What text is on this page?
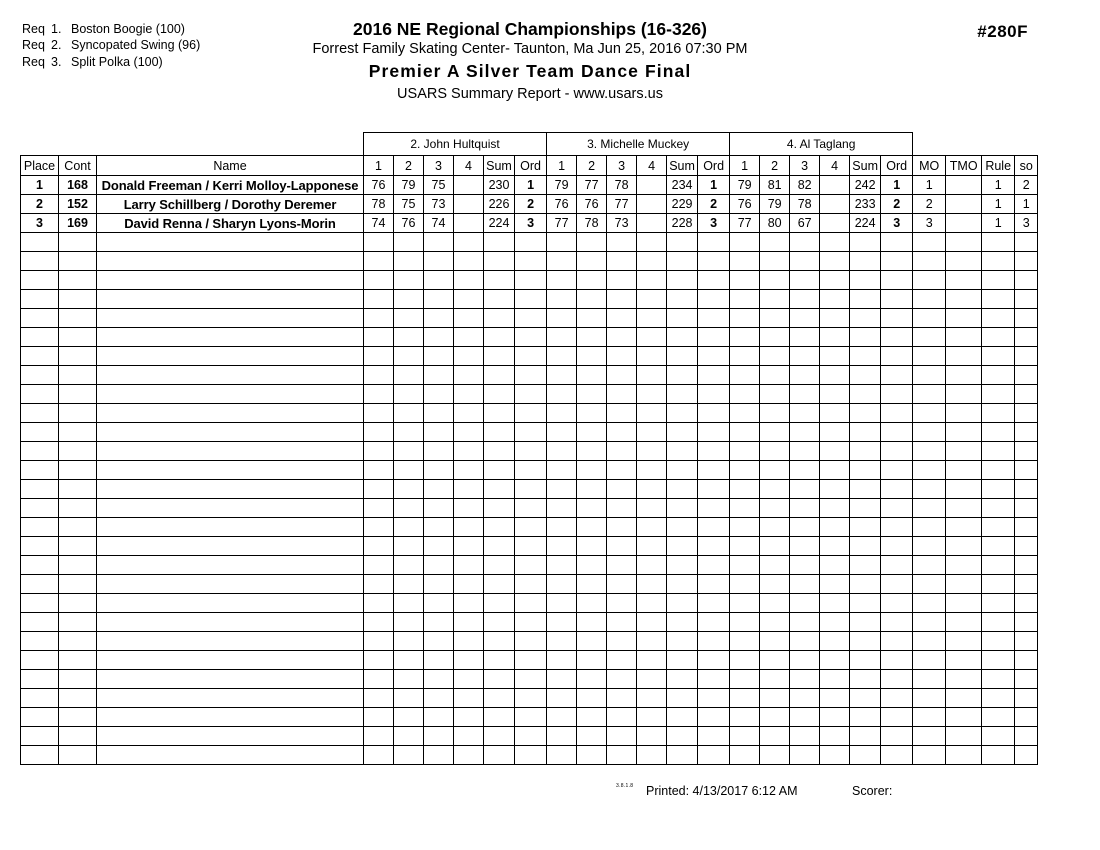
Req 1. Boston Boogie (100)
Req 2. Syncopated Swing (96)
Req 3. Split Polka (100)
2016 NE Regional Championships (16-326)
Forrest Family Skating Center- Taunton, Ma Jun 25, 2016 07:30 PM
Premier A Silver Team Dance Final
USARS Summary Report - www.usars.us
#280F
			2. John Hultquist						3. Michelle Muckey						4. Al Taglang									
Place	Cont	Name	1	2	3	4	Sum	Ord	1	2	3	4	Sum	Ord	1	2	3	4	Sum	Ord	MO	TMO	Rule	so
1	168	Donald Freeman / Kerri Molloy-Lapponese	76	79	75		230	1	79	77	78		234	1	79	81	82		242	1	1		1	2
2	152	Larry Schillberg / Dorothy Deremer	78	75	73		226	2	76	76	77		229	2	76	79	78		233	2	2		1	1
3	169	David Renna / Sharyn Lyons-Morin	74	76	74		224	3	77	78	73		228	3	77	80	67		224	3	3		1	3

3.8.1.8 Printed: 4/13/2017 6:12 AM	Scorer:
